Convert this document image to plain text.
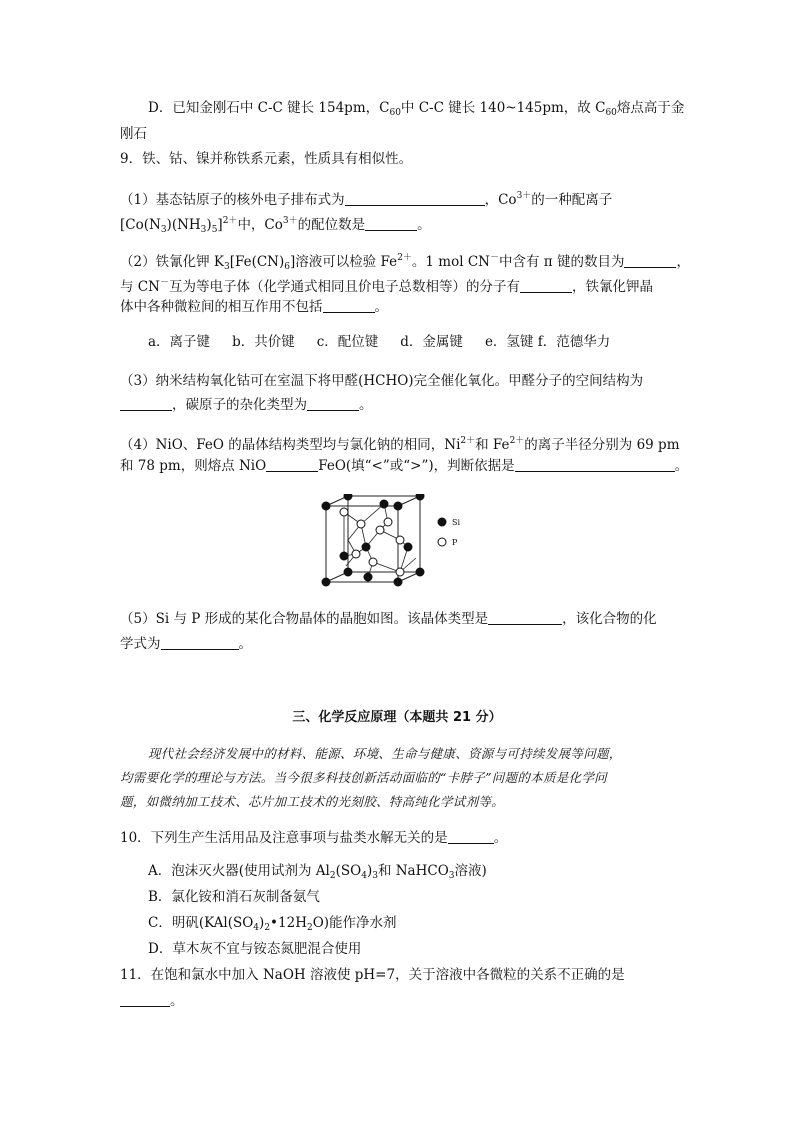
D．已知金刚石中 C-C 键长 154pm，$C_{60}$中 C-C 键长 140~145pm，故 $C_{60}$熔点高于金
刚石
9．铁、钴、镍并称铁系元素，性质具有相似性。
（1）基态钴原子的核外电子排布式为	，$Co^{3+}$的一种配离子
$[Co(N_3)(NH_3)_5]^{2+}$中，$Co^{3+}$的配位数是	。
（2）铁氰化钾 $K_3[Fe(CN)_6]$溶液可以检验 $Fe^{2+}$。1 mol CN－中含有 π 键的数目为	，
与 CN－互为等电子体（化学通式相同且价电子总数相等）的分子有	，铁氰化钾晶
体中各种微粒间的相互作用不包括	。
a．离子键 b．共价键 c．配位键 d．金属键 e．氢键 f．范德华力
（3）纳米结构氧化钴可在室温下将甲醛(HCHO)完全催化氧化。甲醛分子的空间结构为
，碳原子的杂化类型为	。
（4）NiO、FeO 的晶体结构类型均与氯化钠的相同，$Ni^{2+}$和 $Fe^{2+}$的离子半径分别为 69 pm
和 78 pm，则熔点 NiO	FeO(填“<”或“>”)，判断依据是	。
Si
P
（5）Si 与 P 形成的某化合物晶体的晶胞如图。该晶体类型是	，该化合物的化
学式为	。
三、化学反应原理（本题共 21 分）
现代社会经济发展中的材料、能源、环境、生命与健康、资源与可持续发展等问题，
均需要化学的理论与方法。当今很多科技创新活动面临的“卡脖子”问题的本质是化学问
题，如微纳加工技术、芯片加工技术的光刻胶、特高纯化学试剂等。
10．下列生产生活用品及注意事项与盐类水解无关的是	。
A．泡沫灭火器(使用试剂为 $Al_2(SO_4)_3$和 NaHCO$_3$溶液)
B．氯化铵和消石灰制备氨气
C．明矾$(KAl(SO_4)_2•12H_2O)$能作净水剂
D．草木灰不宜与铵态氮肥混合使用
11．在饱和氯水中加入 NaOH 溶液使 pH=7，关于溶液中各微粒的关系不正确的是
。
